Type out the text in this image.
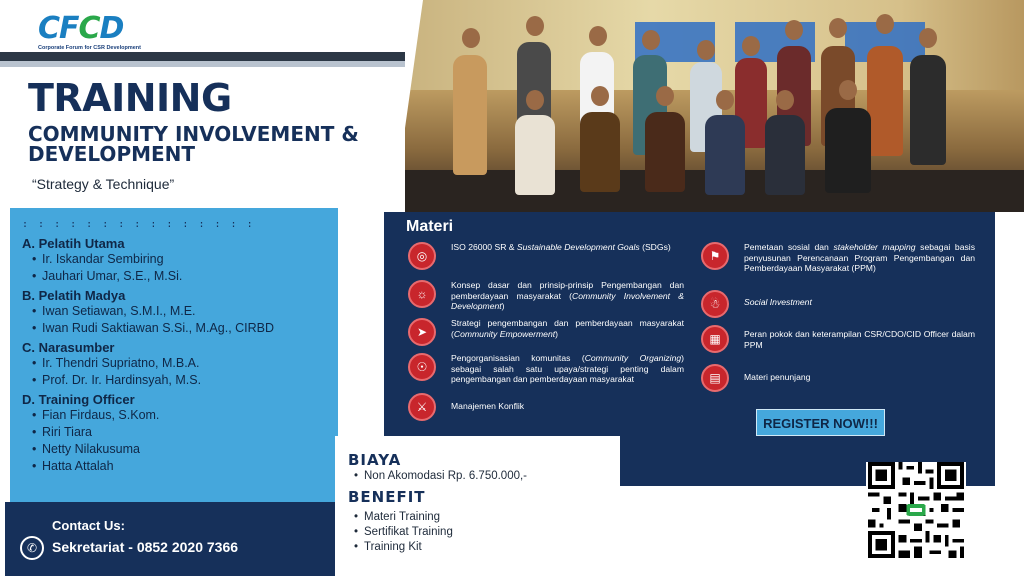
CFCD
Corporate Forum for CSR Development
TRAINING
COMMUNITY INVOLVEMENT & DEVELOPMENT
“Strategy & Technique”
: : : : : : : : : : : : : : :
A. Pelatih Utama
• Ir. Iskandar Sembiring
• Jauhari Umar, S.E., M.Si.
B. Pelatih Madya
• Iwan Setiawan, S.M.I., M.E.
• Iwan Rudi Saktiawan S.Si., M.Ag., CIRBD
C. Narasumber
• Ir. Thendri Supriatno, M.B.A.
• Prof. Dr. Ir. Hardinsyah, M.S.
D. Training Officer
• Fian Firdaus, S.Kom.
• Riri Tiara
• Netty Nilakusuma
• Hatta Attalah
✆
Contact Us:
Sekretariat - 0852 2020 7366
Materi
◎
ISO 26000 SR & Sustainable Development Goals (SDGs)
☼
Konsep dasar dan prinsip-prinsip Pengembangan dan pemberdayaan masyarakat (Community Involvement & Development)
➤
Strategi pengembangan dan pemberdayaan masyarakat (Community Empowerment)
☉
Pengorganisasian komunitas (Community Organizing) sebagai salah satu upaya/strategi penting dalam pengembangan dan pemberdayaan masyarakat
⚔	Manajemen Konflik
⚑
Pemetaan sosial dan stakeholder mapping sebagai basis penyusunan Perencanaan Program Pengembangan dan Pemberdayaan Masyarakat (PPM)
☃	Social Investment
▦	Peran pokok dan keterampilan CSR/CDO/CID Officer dalam PPM
▤	Materi penunjang
REGISTER NOW!!!
BIAYA
• Non Akomodasi Rp. 6.750.000,-
BENEFIT
• Materi Training
• Sertifikat Training
• Training Kit
